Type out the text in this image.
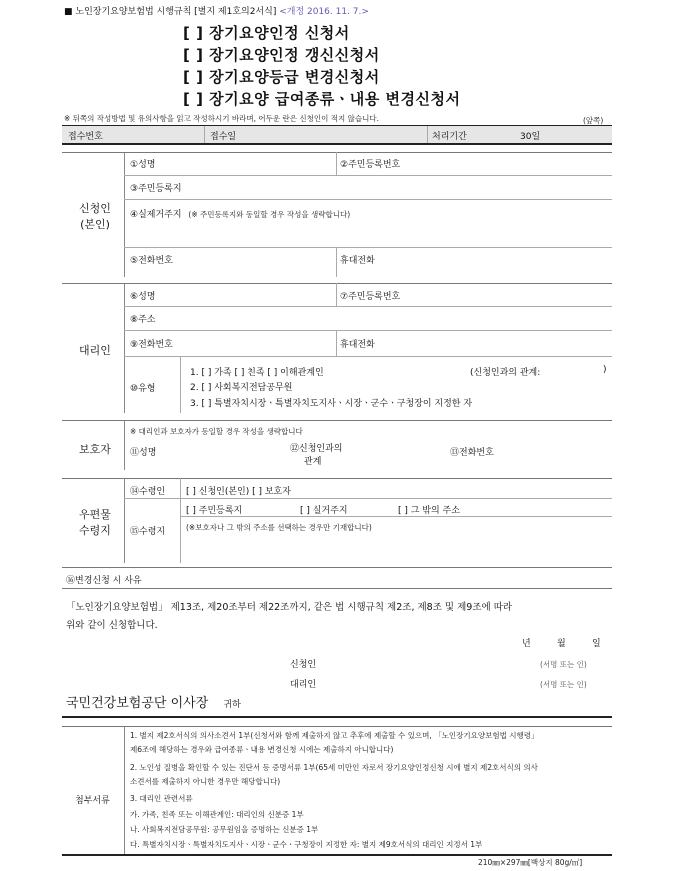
■ 노인장기요양보험법 시행규칙 [별지 제1호의2서식] <개정 2016. 11. 7.>
[ ] 장기요양인정 신청서
[ ] 장기요양인정 갱신신청서
[ ] 장기요양등급 변경신청서
[ ] 장기요양 급여종류ㆍ내용 변경신청서
※ 뒤쪽의 작성방법 및 유의사항을 읽고 작성하시기 바라며, 어두운 란은 신청인이 적지 않습니다.	(앞쪽)
접수번호	접수일	처리기간	30일
신청인
(본인)
①성명	②주민등록번호
③주민등록지
④실제거주지 (※ 주민등록지와 동일할 경우 작성을 생략합니다)
⑤전화번호	휴대전화
대리인
⑥성명	⑦주민등록번호
⑧주소
⑨전화번호	휴대전화
⑩유형
1. [ ] 가족 [ ] 친족 [ ] 이해관계인	(신청인과의 관계:	)
2. [ ] 사회복지전담공무원
3. [ ] 특별자치시장ㆍ특별자치도지사ㆍ시장ㆍ군수ㆍ구청장이 지정한 자
보호자
※ 대리인과 보호자가 동일할 경우 작성을 생략합니다
⑪성명	⑫신청인과의
관계
⑬전화번호
우편물
수령지
⑭수령인 [ ] 신청인(본인) [ ] 보호자
⑮수령지
[ ] 주민등록지	[ ] 실거주지	[ ] 그 밖의 주소
(※보호자나 그 밖의 주소를 선택하는 경우만 기재합니다)
⑯변경신청 시 사유
「노인장기요양보험법」 제13조, 제20조부터 제22조까지, 같은 법 시행규칙 제2조, 제8조 및 제9조에 따라
위와 같이 신청합니다.
년	월	일
신청인	(서명 또는 인)
대리인	(서명 또는 인)
국민건강보험공단 이사장 귀하
첨부서류
1. 별지 제2호서식의 의사소견서 1부(신청서와 함께 제출하지 않고 추후에 제출할 수 있으며, 「노인장기요양보험법 시행령」
제6조에 해당하는 경우와 급여종류ㆍ내용 변경신청 시에는 제출하지 아니합니다)
2. 노인성 질병을 확인할 수 있는 진단서 등 증명서류 1부(65세 미만인 자로서 장기요양인정신청 시에 별지 제2호서식의 의사
소견서를 제출하지 아니한 경우만 해당합니다)
3. 대리인 관련서류
가. 가족, 친족 또는 이해관계인: 대리인의 신분증 1부
나. 사회복지전담공무원: 공무원임을 증명하는 신분증 1부
다. 특별자치시장ㆍ특별자치도지사ㆍ시장ㆍ군수ㆍ구청장이 지정한 자: 별지 제9호서식의 대리인 지정서 1부
210㎜×297㎜[백상지 80g/㎡]
